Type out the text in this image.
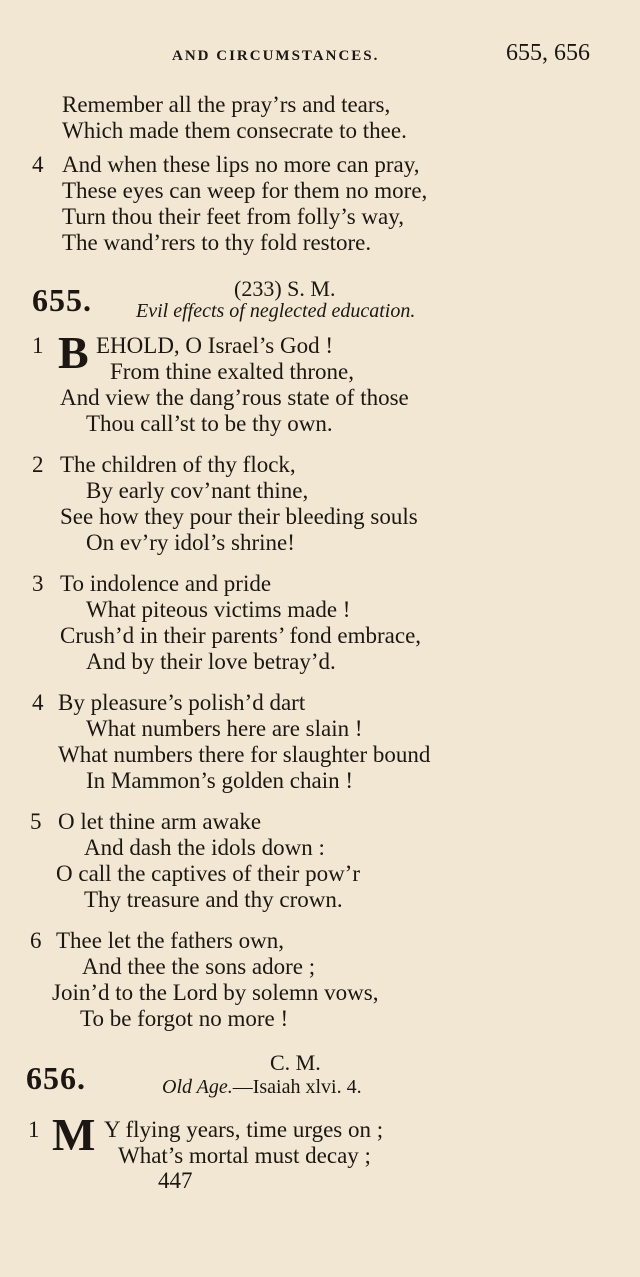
AND CIRCUMSTANCES.	655, 656
Remember all the pray’rs and tears,
Which made them consecrate to thee.
4 And when these lips no more can pray,
These eyes can weep for them no more,
Turn thou their feet from folly’s way,
The wand’rers to thy fold restore.
655.	(233) S. M.
Evil effects of neglected education.
1 B EHOLD, O Israel’s God !
From thine exalted throne,
And view the dang’rous state of those
Thou call’st to be thy own.
2 The children of thy flock,
By early cov’nant thine,
See how they pour their bleeding souls
On ev’ry idol’s shrine!
3 To indolence and pride
What piteous victims made !
Crush’d in their parents’ fond embrace,
And by their love betray’d.
4 By pleasure’s polish’d dart
What numbers here are slain !
What numbers there for slaughter bound
In Mammon’s golden chain !
5 O let thine arm awake
And dash the idols down :
O call the captives of their pow’r
Thy treasure and thy crown.
6 Thee let the fathers own,
And thee the sons adore ;
Join’d to the Lord by solemn vows,
To be forgot no more !
656.	C. M.
Old Age.—Isaiah xlvi. 4.
1 M Y flying years, time urges on ;
What’s mortal must decay ;
447
